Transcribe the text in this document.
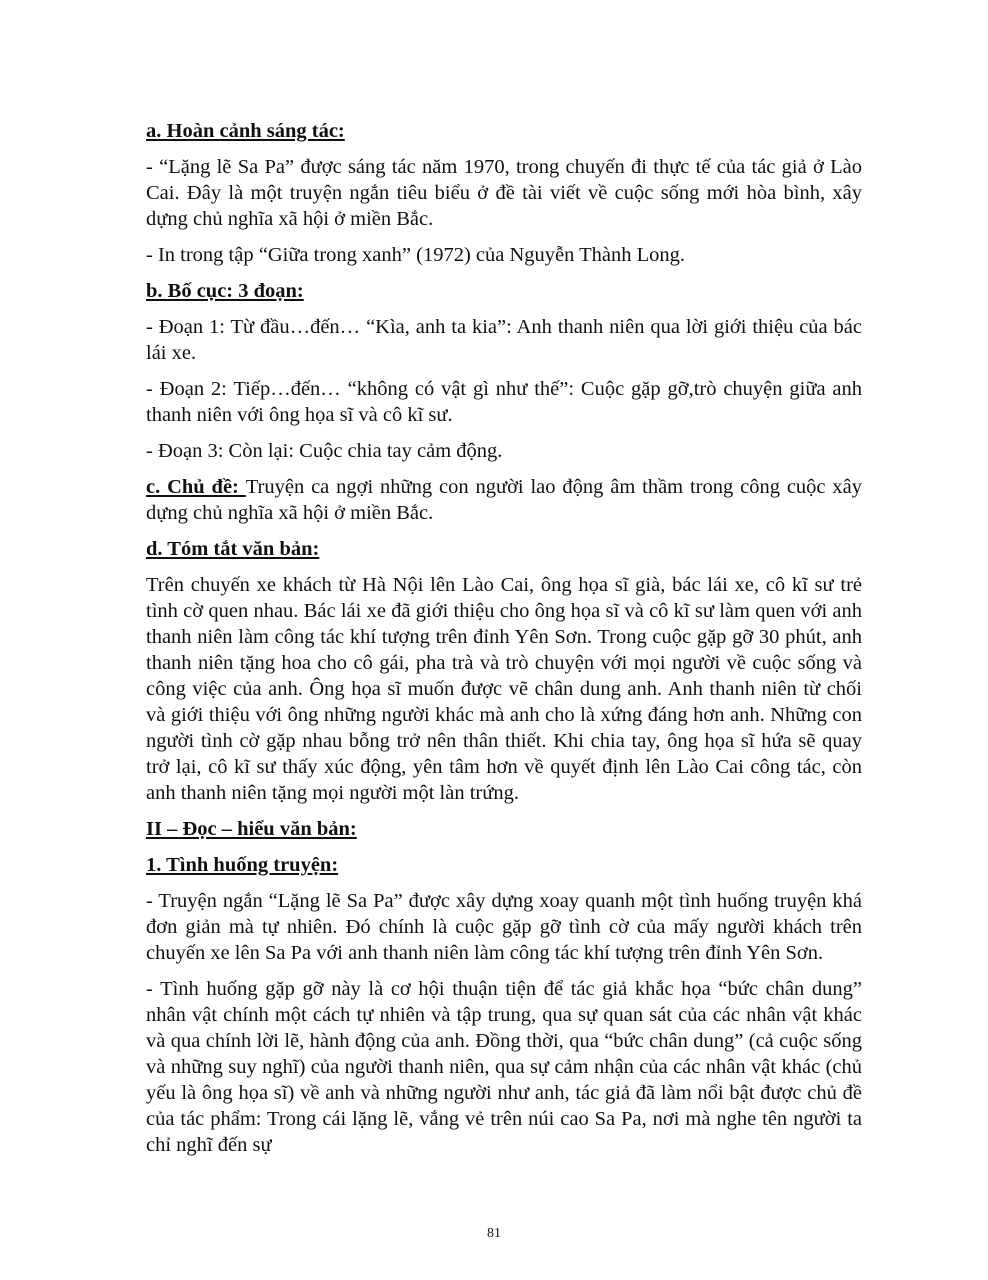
a. Hoàn cảnh sáng tác:
- “Lặng lẽ Sa Pa” được sáng tác năm 1970, trong chuyến đi thực tế của tác giả ở Lào Cai. Đây là một truyện ngắn tiêu biểu ở đề tài viết về cuộc sống mới hòa bình, xây dựng chủ nghĩa xã hội ở miền Bắc.
- In trong tập “Giữa trong xanh” (1972) của Nguyễn Thành Long.
b. Bố cục: 3 đoạn:
- Đoạn 1: Từ đầu…đến… “Kìa, anh ta kia”: Anh thanh niên qua lời giới thiệu của bác lái xe.
- Đoạn 2: Tiếp…đến… “không có vật gì như thế”: Cuộc gặp gỡ,trò chuyện giữa anh thanh niên với ông họa sĩ và cô kĩ sư.
- Đoạn 3: Còn lại: Cuộc chia tay cảm động.
c. Chủ đề: Truyện ca ngợi những con người lao động âm thầm trong công cuộc xây dựng chủ nghĩa xã hội ở miền Bắc.
d. Tóm tắt văn bản:
Trên chuyến xe khách từ Hà Nội lên Lào Cai, ông họa sĩ già, bác lái xe, cô kĩ sư trẻ tình cờ quen nhau. Bác lái xe đã giới thiệu cho ông họa sĩ và cô kĩ sư làm quen với anh thanh niên làm công tác khí tượng trên đỉnh Yên Sơn. Trong cuộc gặp gỡ 30 phút, anh thanh niên tặng hoa cho cô gái, pha trà và trò chuyện với mọi người về cuộc sống và công việc của anh. Ông họa sĩ muốn được vẽ chân dung anh. Anh thanh niên từ chối và giới thiệu với ông những người khác mà anh cho là xứng đáng hơn anh. Những con người tình cờ gặp nhau bỗng trở nên thân thiết. Khi chia tay, ông họa sĩ hứa sẽ quay trở lại, cô kĩ sư thấy xúc động, yên tâm hơn về quyết định lên Lào Cai công tác, còn anh thanh niên tặng mọi người một làn trứng.
II – Đọc – hiểu văn bản:
1. Tình huống truyện:
- Truyện ngắn “Lặng lẽ Sa Pa” được xây dựng xoay quanh một tình huống truyện khá đơn giản mà tự nhiên. Đó chính là cuộc gặp gỡ tình cờ của mấy người khách trên chuyến xe lên Sa Pa với anh thanh niên làm công tác khí tượng trên đỉnh Yên Sơn.
- Tình huống gặp gỡ này là cơ hội thuận tiện để tác giả khắc họa “bức chân dung” nhân vật chính một cách tự nhiên và tập trung, qua sự quan sát của các nhân vật khác và qua chính lời lẽ, hành động của anh. Đồng thời, qua “bức chân dung” (cả cuộc sống và những suy nghĩ) của người thanh niên, qua sự cảm nhận của các nhân vật khác (chủ yếu là ông họa sĩ) về anh và những người như anh, tác giả đã làm nổi bật được chủ đề của tác phẩm: Trong cái lặng lẽ, vắng vẻ trên núi cao Sa Pa, nơi mà nghe tên người ta chỉ nghĩ đến sự
81
